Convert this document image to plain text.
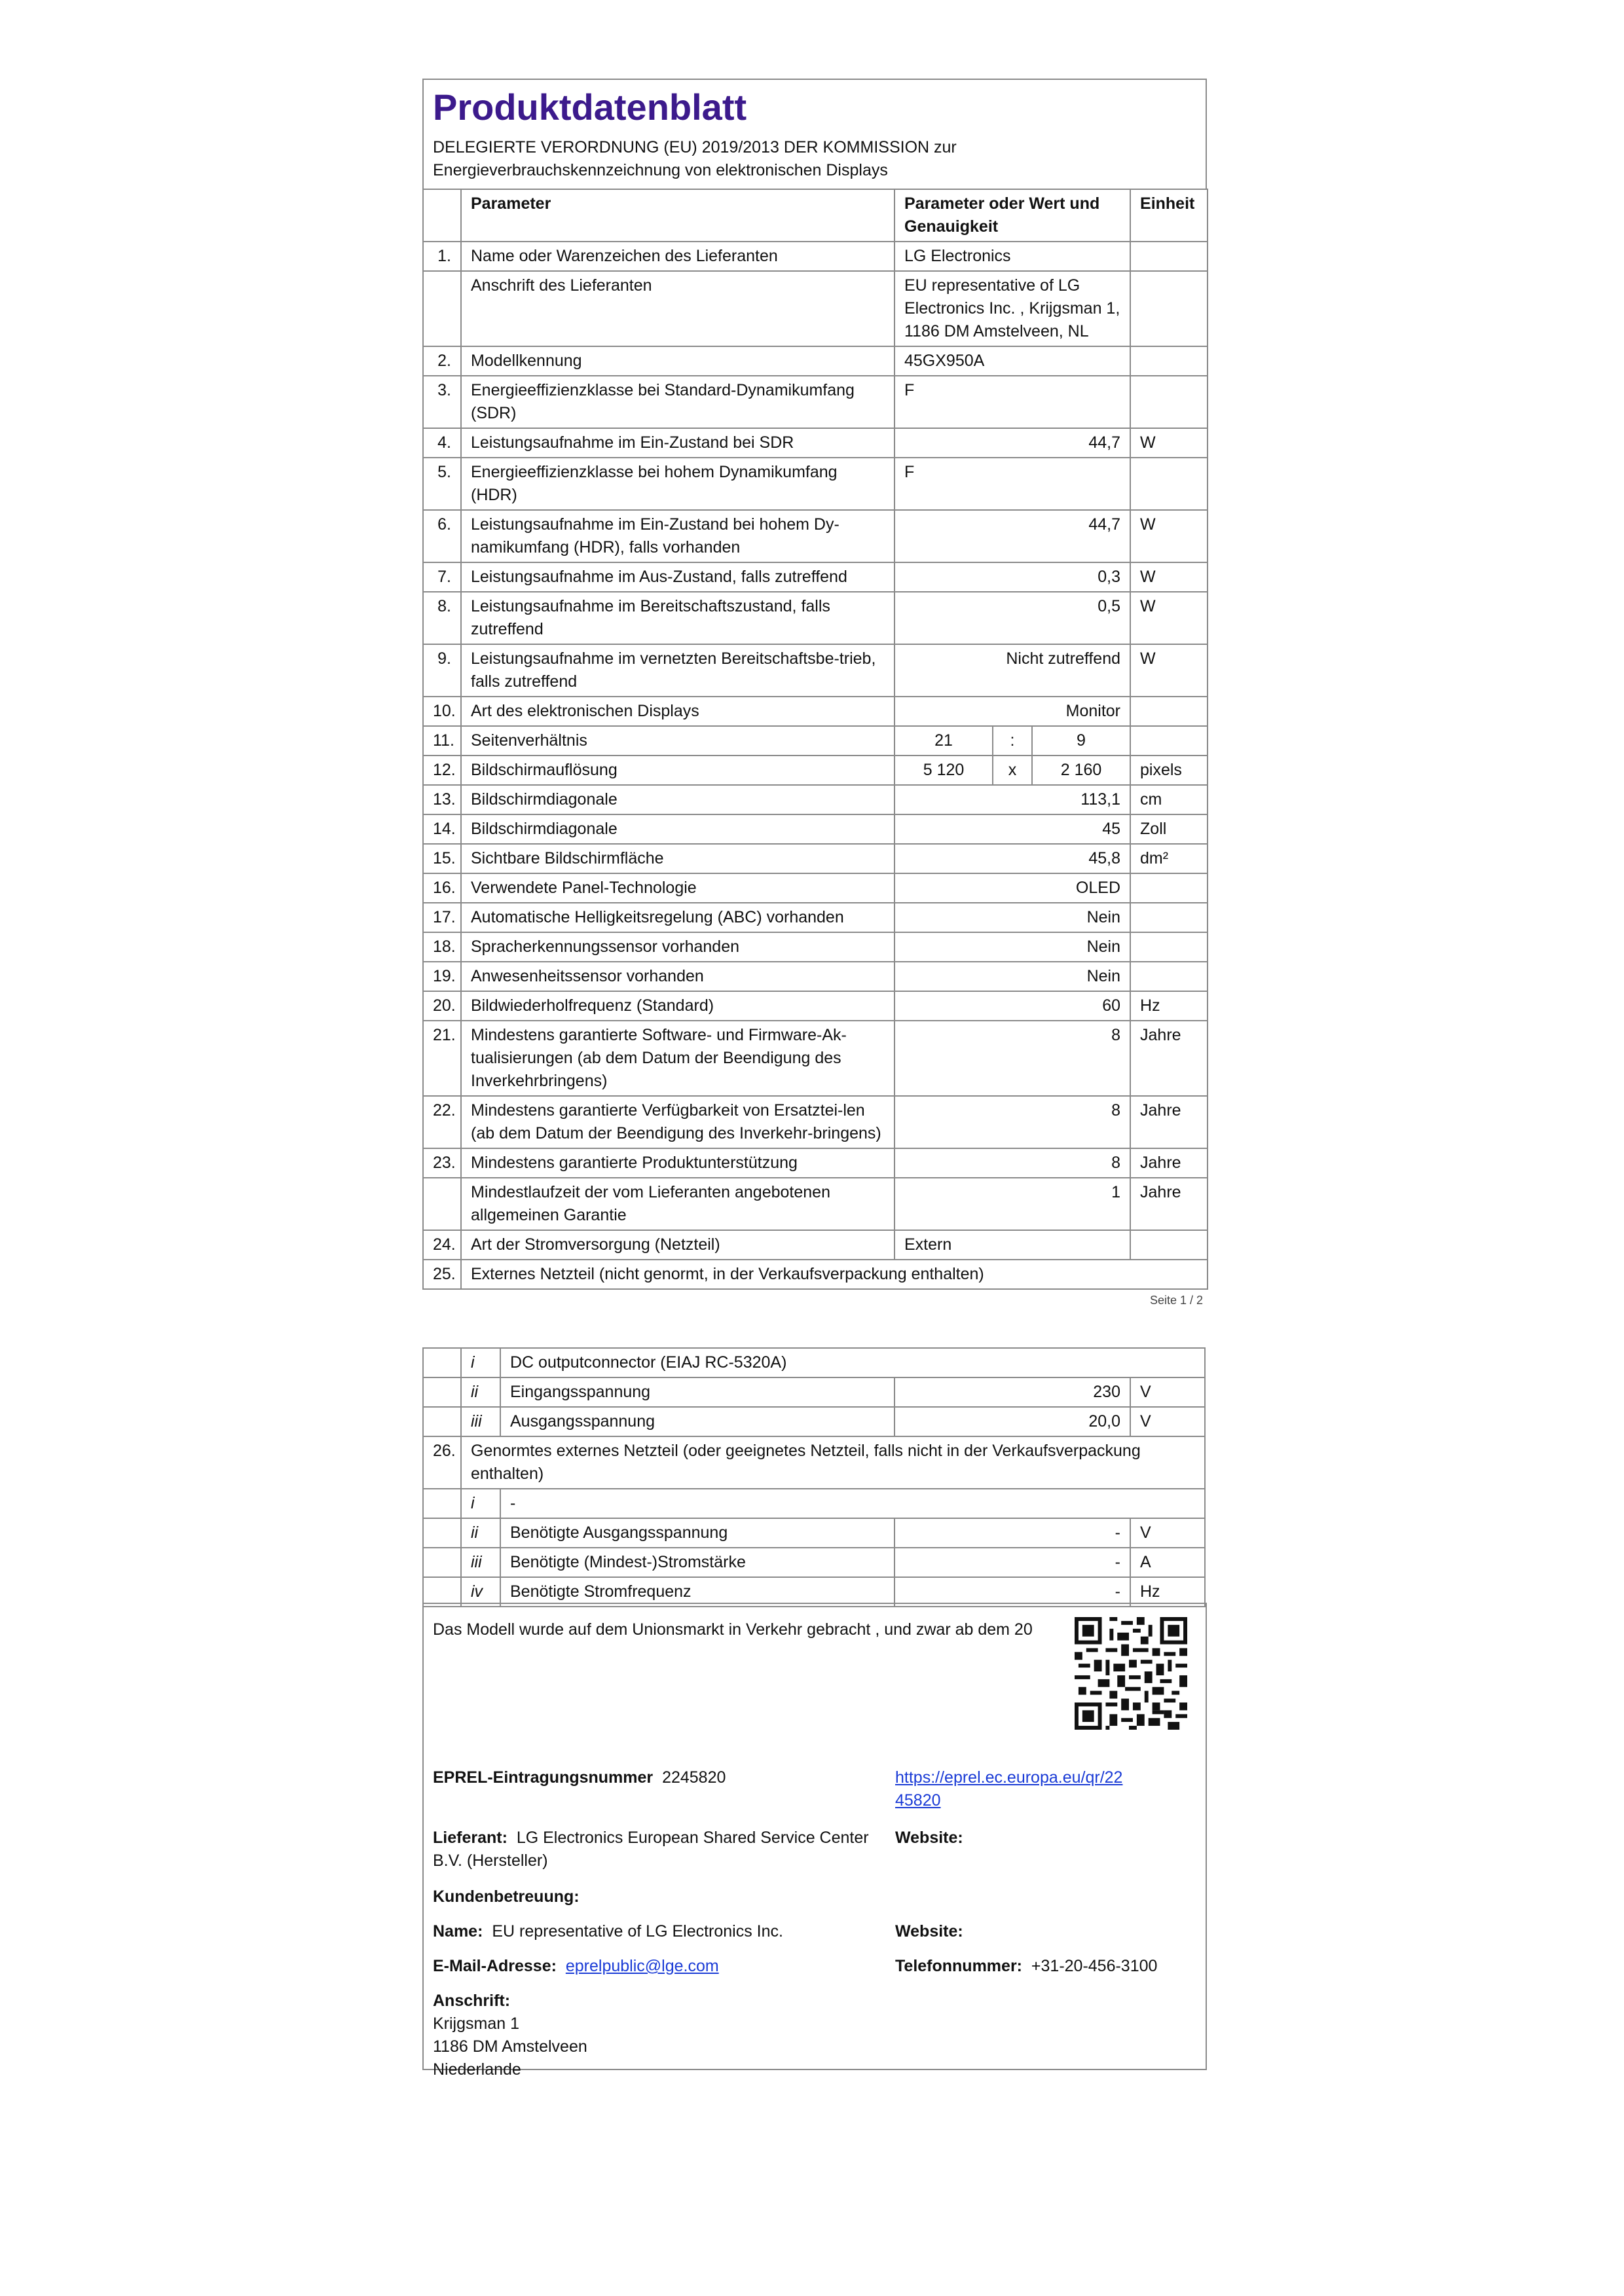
Produktdatenblatt
DELEGIERTE VERORDNUNG (EU) 2019/2013 DER KOMMISSION zur
Energieverbrauchskennzeichnung von elektronischen Displays
	Parameter	Parameter oder Wert und Genauigkeit			Einheit
1.	Name oder Warenzeichen des Lieferanten	LG Electronics			
	Anschrift des Lieferanten	EU representative of LG Electronics Inc. , Krijgsman 1, 1186 DM Amstelveen, NL			
2.	Modellkennung	45GX950A			
3.	Energieeffizienzklasse bei Standard-Dynamikumfang (SDR)	F			
4.	Leistungsaufnahme im Ein-Zustand bei SDR	44,7			W
5.	Energieeffizienzklasse bei hohem Dynamikumfang (HDR)	F			
6.	Leistungsaufnahme im Ein-Zustand bei hohem Dy-namikumfang (HDR), falls vorhanden	44,7			W
7.	Leistungsaufnahme im Aus-Zustand, falls zutreffend	0,3			W
8.	Leistungsaufnahme im Bereitschaftszustand, falls zutreffend	0,5			W
9.	Leistungsaufnahme im vernetzten Bereitschaftsbe-trieb, falls zutreffend	Nicht zutreffend			W
10.	Art des elektronischen Displays	Monitor			
11.	Seitenverhältnis	21	:	9	
12.	Bildschirmauflösung	5 120	x	2 160	pixels
13.	Bildschirmdiagonale	113,1			cm
14.	Bildschirmdiagonale	45			Zoll
15.	Sichtbare Bildschirmfläche	45,8			dm²
16.	Verwendete Panel-Technologie	OLED			
17.	Automatische Helligkeitsregelung (ABC) vorhanden	Nein			
18.	Spracherkennungssensor vorhanden	Nein			
19.	Anwesenheitssensor vorhanden	Nein			
20.	Bildwiederholfrequenz (Standard)	60			Hz
21.	Mindestens garantierte Software- und Firmware-Ak-tualisierungen (ab dem Datum der Beendigung des Inverkehrbringens)	8			Jahre
22.	Mindestens garantierte Verfügbarkeit von Ersatztei-len (ab dem Datum der Beendigung des Inverkehr-bringens)	8			Jahre
23.	Mindestens garantierte Produktunterstützung	8			Jahre
	Mindestlaufzeit der vom Lieferanten angebotenen allgemeinen Garantie	1			Jahre
24.	Art der Stromversorgung (Netzteil)	Extern			
25.	Externes Netzteil (nicht genormt, in der Verkaufsverpackung enthalten)				
Seite 1 / 2
	i	DC outputconnector (EIAJ RC-5320A)		
	ii	Eingangsspannung	230	V
	iii	Ausgangsspannung	20,0	V
26.	Genormtes externes Netzteil (oder geeignetes Netzteil, falls nicht in der Verkaufsverpackung enthalten)			
	i	-		
	ii	Benötigte Ausgangsspannung	-	V
	iii	Benötigte (Mindest-)Stromstärke	-	A
	iv	Benötigte Stromfrequenz	-	Hz
Das Modell wurde auf dem Unionsmarkt in Verkehr gebracht , und zwar ab dem 20
EPREL-Eintragungsnummer 2245820	https://eprel.ec.europa.eu/qr/22
45820
Lieferant: LG Electronics European Shared Service Center
B.V. (Hersteller)
Website:
Kundenbetreuung:
Name: EU representative of LG Electronics Inc.	Website:
E-Mail-Adresse: eprelpublic@lge.com	Telefonnummer: +31-20-456-3100
Anschrift:
Krijgsman 1
1186 DM Amstelveen
Niederlande
